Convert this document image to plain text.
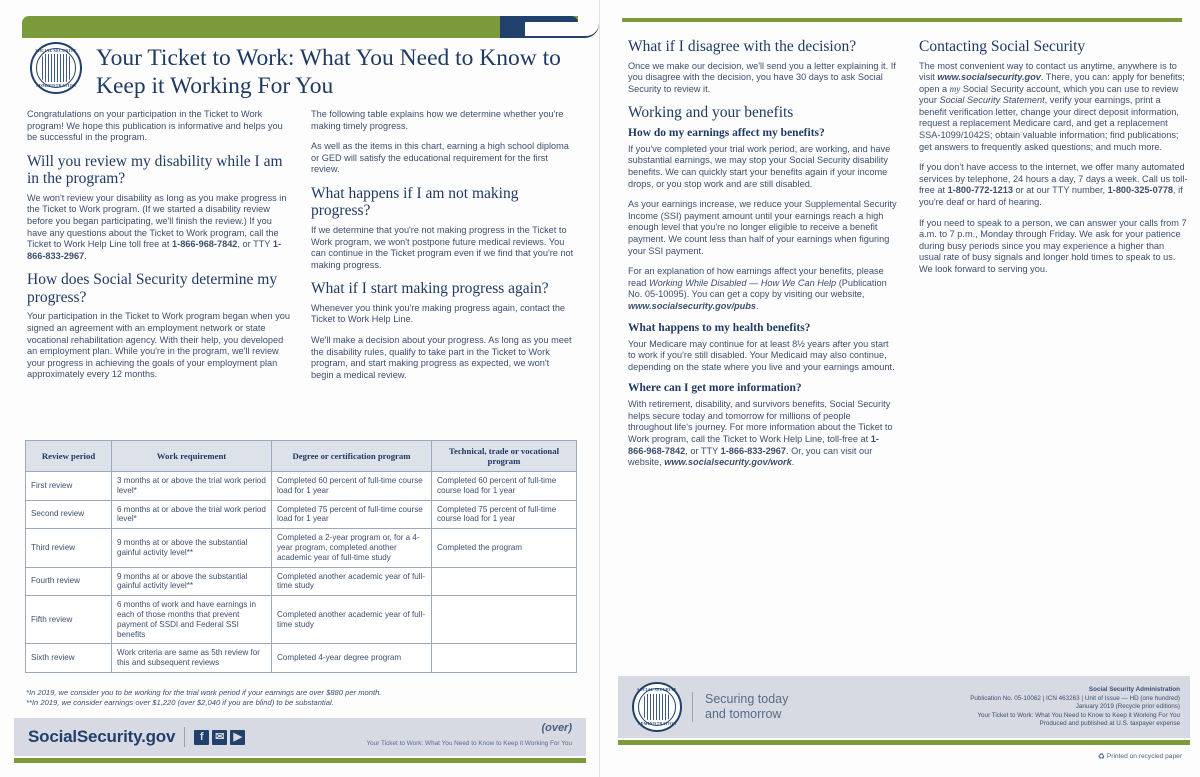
SOCIAL SECURITY
ADMINISTRATION
Your Ticket to Work: What You Need to Know to Keep it Working For You

Congratulations on your participation in the Ticket to Work program! We hope this publication is informative and helps you be successful in the program.

Will you review my disability while I am in the program?

We won't review your disability as long as you make progress in the Ticket to Work program. (If we started a disability review before you began participating, we'll finish the review.) If you have any questions about the Ticket to Work program, call the Ticket to Work Help Line toll free at 1-866-968-7842, or TTY 1-866-833-2967.

How does Social Security determine my progress?

Your participation in the Ticket to Work program began when you signed an agreement with an employment network or state vocational rehabilitation agency. With their help, you developed an employment plan. While you're in the program, we'll review your progress in achieving the goals of your employment plan approximately every 12 months.

The following table explains how we determine whether you're making timely progress.

As well as the items in this chart, earning a high school diploma or GED will satisfy the educational requirement for the first review.

What happens if I am not making progress?

If we determine that you're not making progress in the Ticket to Work program, we won't postpone future medical reviews. You can continue in the Ticket program even if we find that you're not making progress.

What if I start making progress again?

Whenever you think you're making progress again, contact the Ticket to Work Help Line.

We'll make a decision about your progress. As long as you meet the disability rules, qualify to take part in the Ticket to Work program, and start making progress as expected, we won't begin a medical review.

Review period	Work requirement	Degree or certification program	Technical, trade or vocational program
First review	3 months at or above the trial work period level*	Completed 60 percent of full-time course load for 1 year	Completed 60 percent of full-time course load for 1 year
Second review	6 months at or above the trial work period level*	Completed 75 percent of full-time course load for 1 year	Completed 75 percent of full-time course load for 1 year
Third review	9 months at or above the substantial gainful activity level**	Completed a 2-year program or, for a 4-year program, completed another academic year of full-time study	Completed the program
Fourth review	9 months at or above the substantial gainful activity level**	Completed another academic year of full-time study	
Fifth review	6 months of work and have earnings in each of those months that prevent payment of SSDI and Federal SSI benefits	Completed another academic year of full-time study	
Sixth review	Work criteria are same as 5th review for this and subsequent reviews	Completed 4-year degree program	
*In 2019, we consider you to be working for the trial work period if your earnings are over $880 per month.
**In 2019, we consider earnings over $1,220 (over $2,040 if you are blind) to be substantial.
SocialSecurity.gov	f	✉ ▶
(over)
Your Ticket to Work: What You Need to Know to Keep it Working For You
What if I disagree with the decision?

Once we make our decision, we'll send you a letter explaining it. If you disagree with the decision, you have 30 days to ask Social Security to review it.

Working and your benefits
How do my earnings affect my benefits?

If you've completed your trial work period, are working, and have substantial earnings, we may stop your Social Security disability benefits. We can quickly start your benefits again if your income drops, or you stop work and are still disabled.

As your earnings increase, we reduce your Supplemental Security Income (SSI) payment amount until your earnings reach a high enough level that you're no longer eligible to receive a benefit payment. We count less than half of your earnings when figuring your SSI payment.

For an explanation of how earnings affect your benefits, please read Working While Disabled — How We Can Help (Publication No. 05-10095). You can get a copy by visiting our website, www.socialsecurity.gov/pubs.

What happens to my health benefits?

Your Medicare may continue for at least 8½ years after you start to work if you're still disabled. Your Medicaid may also continue, depending on the state where you live and your earnings amount.

Where can I get more information?

With retirement, disability, and survivors benefits, Social Security helps secure today and tomorrow for millions of people throughout life's journey. For more information about the Ticket to Work program, call the Ticket to Work Help Line, toll-free at 1-866-968-7842, or TTY 1-866-833-2967. Or, you can visit our website, www.socialsecurity.gov/work.

Contacting Social Security

The most convenient way to contact us anytime, anywhere is to visit www.socialsecurity.gov. There, you can: apply for benefits; open a my Social Security account, which you can use to review your Social Security Statement, verify your earnings, print a benefit verification letter, change your direct deposit information, request a replacement Medicare card, and get a replacement SSA-1099/1042S; obtain valuable information; find publications; get answers to frequently asked questions; and much more.

If you don't have access to the internet, we offer many automated services by telephone, 24 hours a day, 7 days a week. Call us toll-free at 1-800-772-1213 or at our TTY number, 1-800-325-0778, if you're deaf or hard of hearing.

If you need to speak to a person, we can answer your calls from 7 a.m. to 7 p.m., Monday through Friday. We ask for your patience during busy periods since you may experience a higher than usual rate of busy signals and longer hold times to speak to us. We look forward to serving you.

SOCIAL SECURITY
ADMINISTRATION
Securing today
and tomorrow
Social Security Administration
Publication No. 05-10062 | ICN 463263 | Unit of Issue — HD (one hundred)
January 2019 (Recycle prior editions)
Your Ticket to Work: What You Need to Know to Keep it Working For You
Produced and published at U.S. taxpayer expense
♻ Printed on recycled paper
